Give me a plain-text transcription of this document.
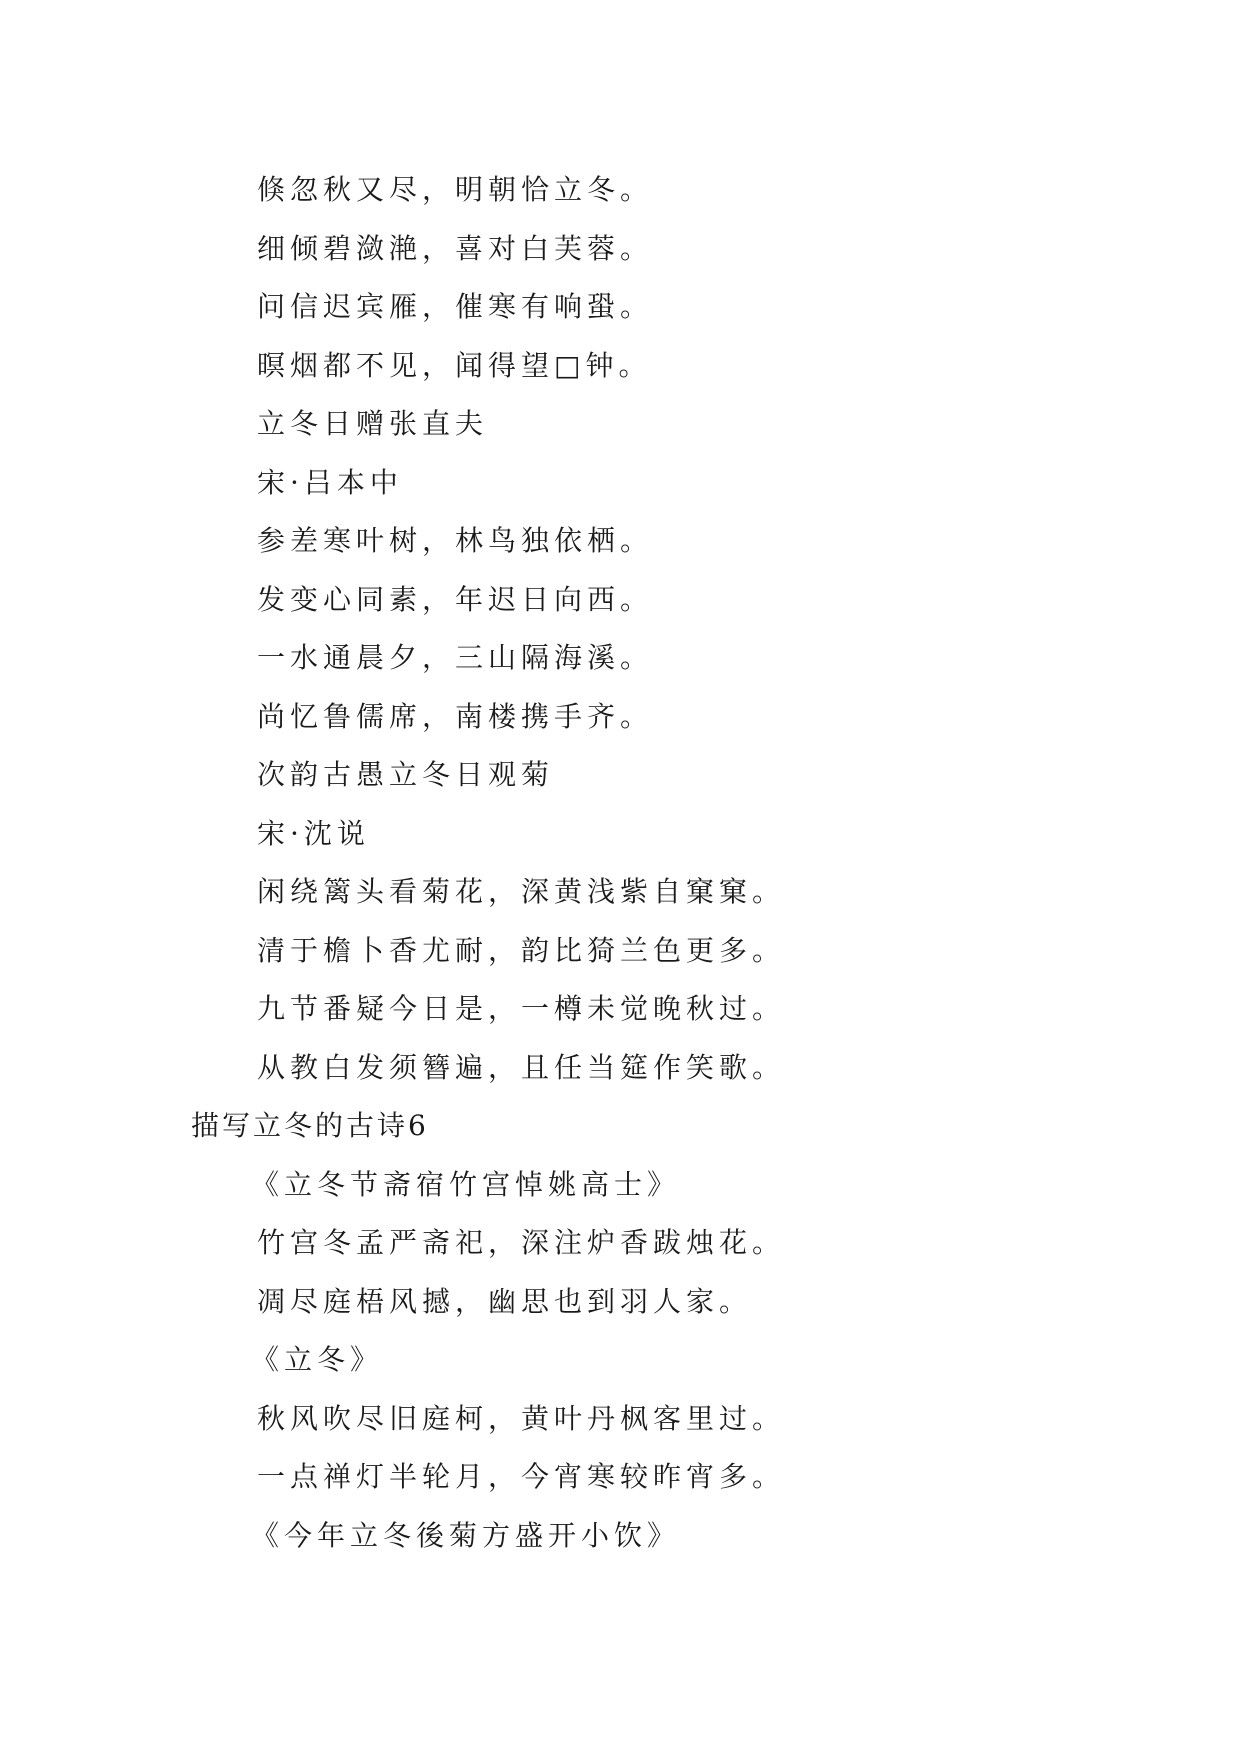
倏忽秋又尽，明朝恰立冬。
细倾碧潋滟，喜对白芙蓉。
问信迟宾雁，催寒有响蛩。
暝烟都不见，闻得望□钟。
立冬日赠张直夫
宋·吕本中
参差寒叶树，林鸟独依栖。
发变心同素，年迟日向西。
一水通晨夕，三山隔海溪。
尚忆鲁儒席，南楼携手齐。
次韵古愚立冬日观菊
宋·沈说
闲绕篱头看菊花，深黄浅紫自窠窠。
清于檐卜香尤耐，韵比猗兰色更多。
九节番疑今日是，一樽未觉晚秋过。
从教白发须簪遍，且任当筵作笑歌。
描写立冬的古诗6
《立冬节斋宿竹宫悼姚高士》
竹宫冬孟严斋祀，深注炉香跋烛花。
凋尽庭梧风撼，幽思也到羽人家。
《立冬》
秋风吹尽旧庭柯，黄叶丹枫客里过。
一点禅灯半轮月，今宵寒较昨宵多。
《今年立冬後菊方盛开小饮》
